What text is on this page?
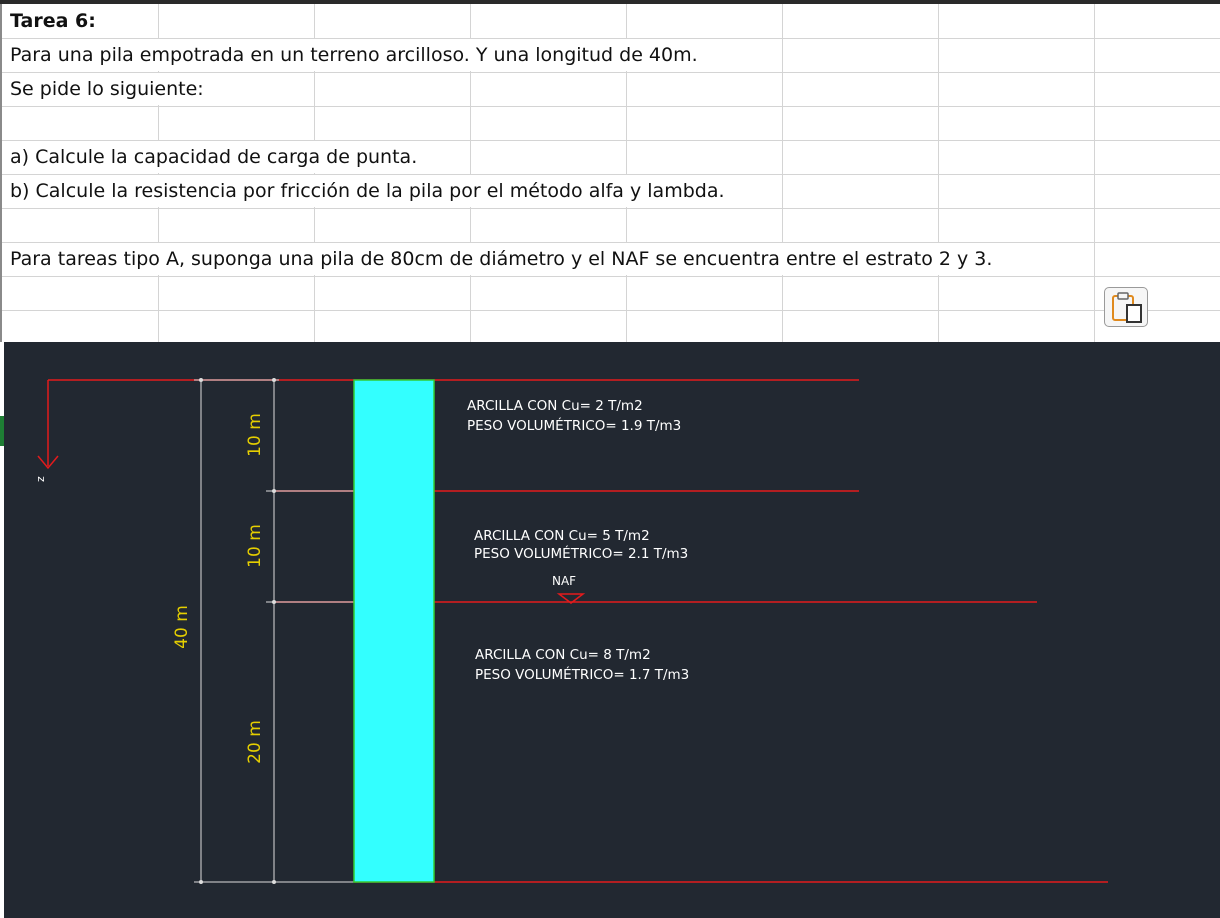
Tarea 6:
Para una pila empotrada en un terreno arcilloso. Y una longitud de 40m.
Se pide lo siguiente:
a) Calcule la capacidad de carga de punta.
b) Calcule la resistencia por fricción de la pila por el método alfa y lambda.
Para tareas tipo A, suponga una pila de 80cm de diámetro y el NAF se encuentra entre el estrato 2 y 3.
z
40 m
10 m
10 m
20 m
ARCILLA CON Cu= 2 T/m2
PESO VOLUMÉTRICO= 1.9 T/m3
ARCILLA CON Cu= 5 T/m2
PESO VOLUMÉTRICO= 2.1 T/m3
NAF
ARCILLA CON Cu= 8 T/m2
PESO VOLUMÉTRICO= 1.7 T/m3
